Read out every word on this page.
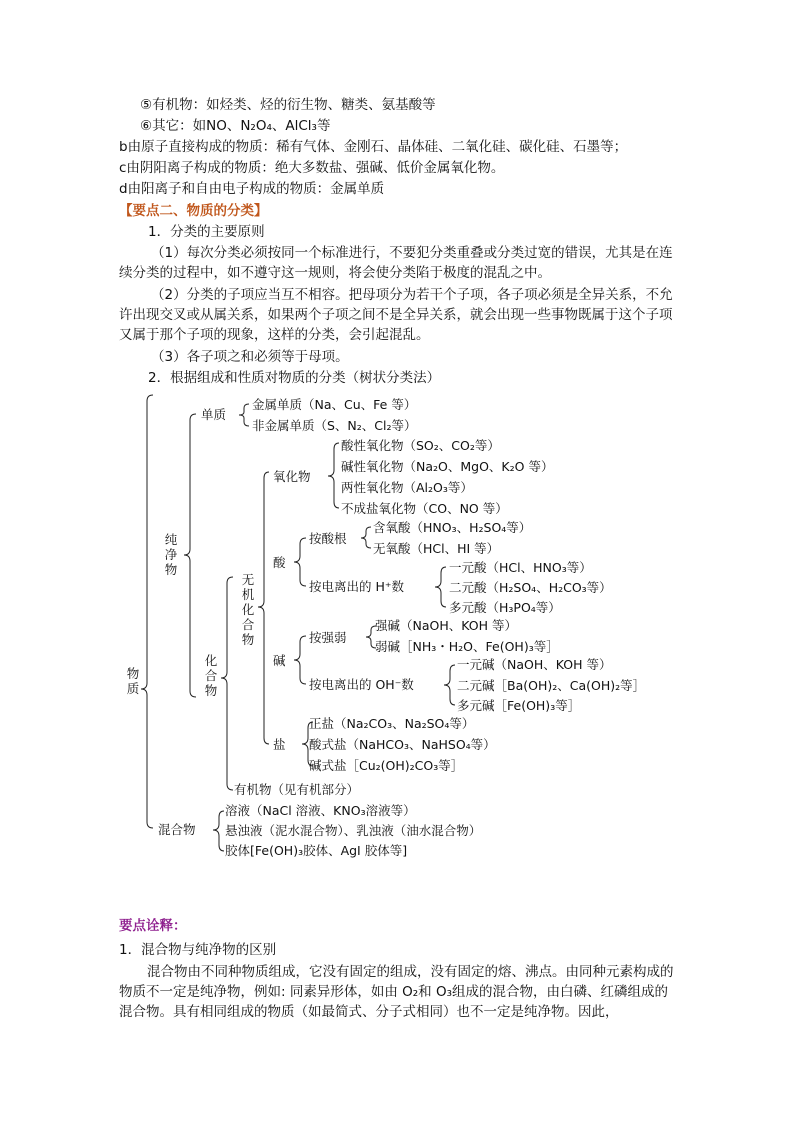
⑤有机物：如烃类、烃的衍生物、糖类、氨基酸等
⑥其它：如NO、N₂O₄、AlCl₃等
b由原子直接构成的物质：稀有气体、金刚石、晶体硅、二氧化硅、碳化硅、石墨等；
c由阴阳离子构成的物质：绝大多数盐、强碱、低价金属氧化物。
d由阳离子和自由电子构成的物质：金属单质
【要点二、物质的分类】
1．分类的主要原则
（1）每次分类必须按同一个标准进行，不要犯分类重叠或分类过宽的错误，尤其是在连续分类的过程中，如不遵守这一规则，将会使分类陷于极度的混乱之中。
（2）分类的子项应当互不相容。把母项分为若干个子项，各子项必须是全异关系，不允许出现交叉或从属关系，如果两个子项之间不是全异关系，就会出现一些事物既属于这个子项又属于那个子项的现象，这样的分类，会引起混乱。
（3）各子项之和必须等于母项。
2．根据组成和性质对物质的分类（树状分类法）
物质
纯净物
单质
金属单质（Na、Cu、Fe 等）
非金属单质（S、N₂、Cl₂等）
化合物
无机化合物
氧化物
酸性氧化物（SO₂、CO₂等）
碱性氧化物（Na₂O、MgO、K₂O 等）
两性氧化物（Al₂O₃等）
不成盐氧化物（CO、NO 等）
酸
按酸根
含氧酸（HNO₃、H₂SO₄等）
无氧酸（HCl、HI 等）
按电离出的 H⁺数
一元酸（HCl、HNO₃等）
二元酸（H₂SO₄、H₂CO₃等）
多元酸（H₃PO₄等）
碱
按强弱
强碱（NaOH、KOH 等）
弱碱［NH₃・H₂O、Fe(OH)₃等］
按电离出的 OH⁻数
一元碱（NaOH、KOH 等）
二元碱［Ba(OH)₂、Ca(OH)₂等］
多元碱［Fe(OH)₃等］
盐
正盐（Na₂CO₃、Na₂SO₄等）
酸式盐（NaHCO₃、NaHSO₄等）
碱式盐［Cu₂(OH)₂CO₃等］
有机物（见有机部分）
混合物
溶液（NaCl 溶液、KNO₃溶液等）
悬浊液（泥水混合物）、乳浊液（油水混合物）
胶体[Fe(OH)₃胶体、AgI 胶体等]
要点诠释：
1．混合物与纯净物的区别
混合物由不同种物质组成，它没有固定的组成，没有固定的熔、沸点。由同种元素构成的物质不一定是纯净物，例如: 同素异形体，如由 O₂和 O₃组成的混合物，由白磷、红磷组成的混合物。具有相同组成的物质（如最简式、分子式相同）也不一定是纯净物。因此，
